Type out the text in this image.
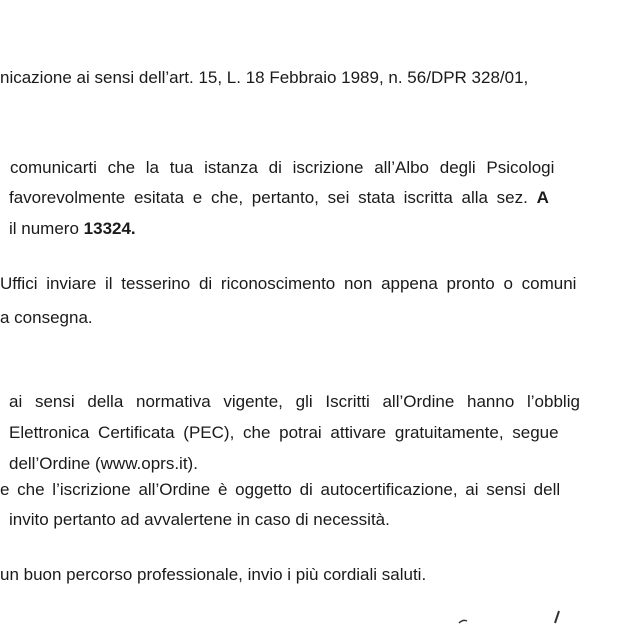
nicazione ai sensi dell’art. 15, L. 18 Febbraio 1989, n. 56/DPR 328/01,
comunicarti che la tua istanza di iscrizione all’Albo degli Psicologi
favorevolmente esitata e che, pertanto, sei stata iscritta alla sez. A
il numero 13324.
Uffici inviare il tesserino di riconoscimento non appena pronto o comuni
a consegna.
ai sensi della normativa vigente, gli Iscritti all’Ordine hanno l’obblig
Elettronica Certificata (PEC), che potrai attivare gratuitamente, segue
dell’Ordine (www.oprs.it).
e che l’iscrizione all’Ordine è oggetto di autocertificazione, ai sensi dell
invito pertanto ad avvalertene in caso di necessità.
un buon percorso professionale, invio i più cordiali saluti.
